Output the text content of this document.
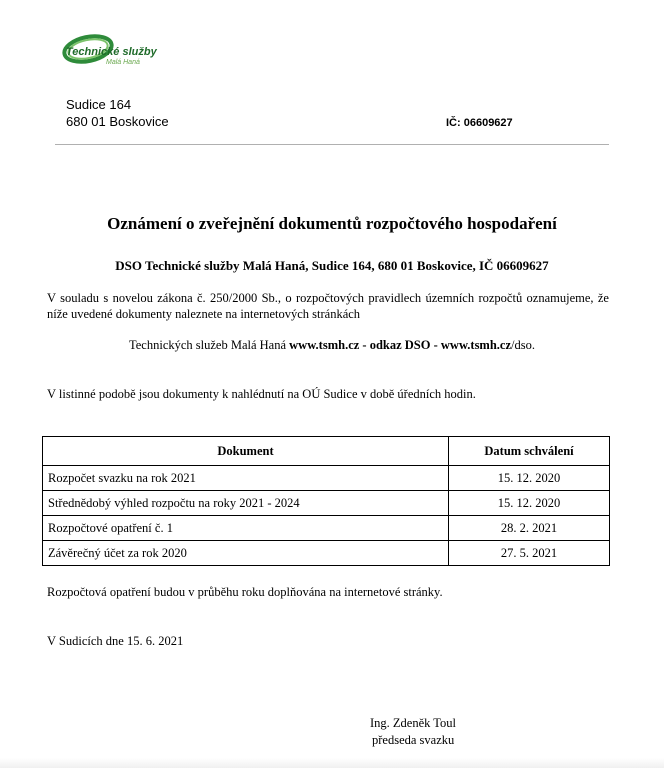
Technické služby
Malá Haná
Sudice 164
680 01 Boskovice	IČ: 06609627
Oznámení o zveřejnění dokumentů rozpočtového hospodaření
DSO Technické služby Malá Haná, Sudice 164, 680 01 Boskovice, IČ 06609627
V souladu s novelou zákona č. 250/2000 Sb., o rozpočtových pravidlech územních rozpočtů oznamujeme, že níže uvedené dokumenty naleznete na internetových stránkách
Technických služeb Malá Haná www.tsmh.cz - odkaz DSO - www.tsmh.cz/dso.
V listinné podobě jsou dokumenty k nahlédnutí na OÚ Sudice v době úředních hodin.
Dokument	Datum schválení
Rozpočet svazku na rok 2021	15. 12. 2020
Střednědobý výhled rozpočtu na roky 2021 - 2024	15. 12. 2020
Rozpočtové opatření č. 1	28. 2. 2021
Závěrečný účet za rok 2020	27. 5. 2021
Rozpočtová opatření budou v průběhu roku doplňována na internetové stránky.
V Sudicích dne 15. 6. 2021
Ing. Zdeněk Toul
předseda svazku
